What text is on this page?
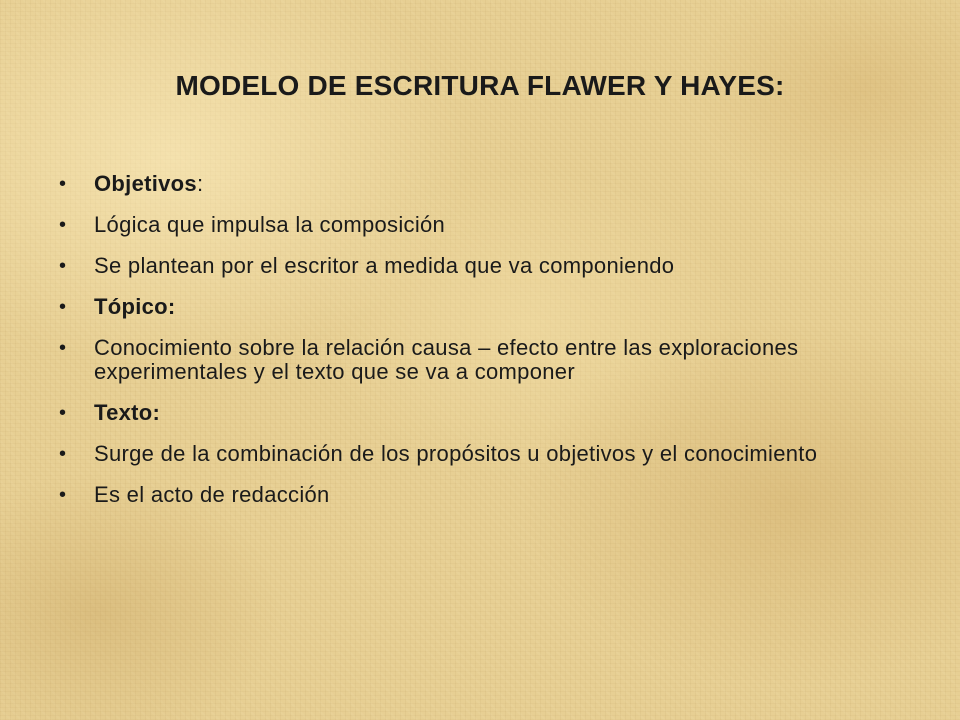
MODELO DE ESCRITURA FLAWER Y HAYES:
• Objetivos:
• Lógica que impulsa la composición
• Se plantean por el escritor a medida que va componiendo
• Tópico:
• Conocimiento sobre la relación causa – efecto entre las exploraciones experimentales y el texto que se va a componer
• Texto:
• Surge de la combinación de los propósitos u objetivos y el conocimiento
• Es el acto de redacción
